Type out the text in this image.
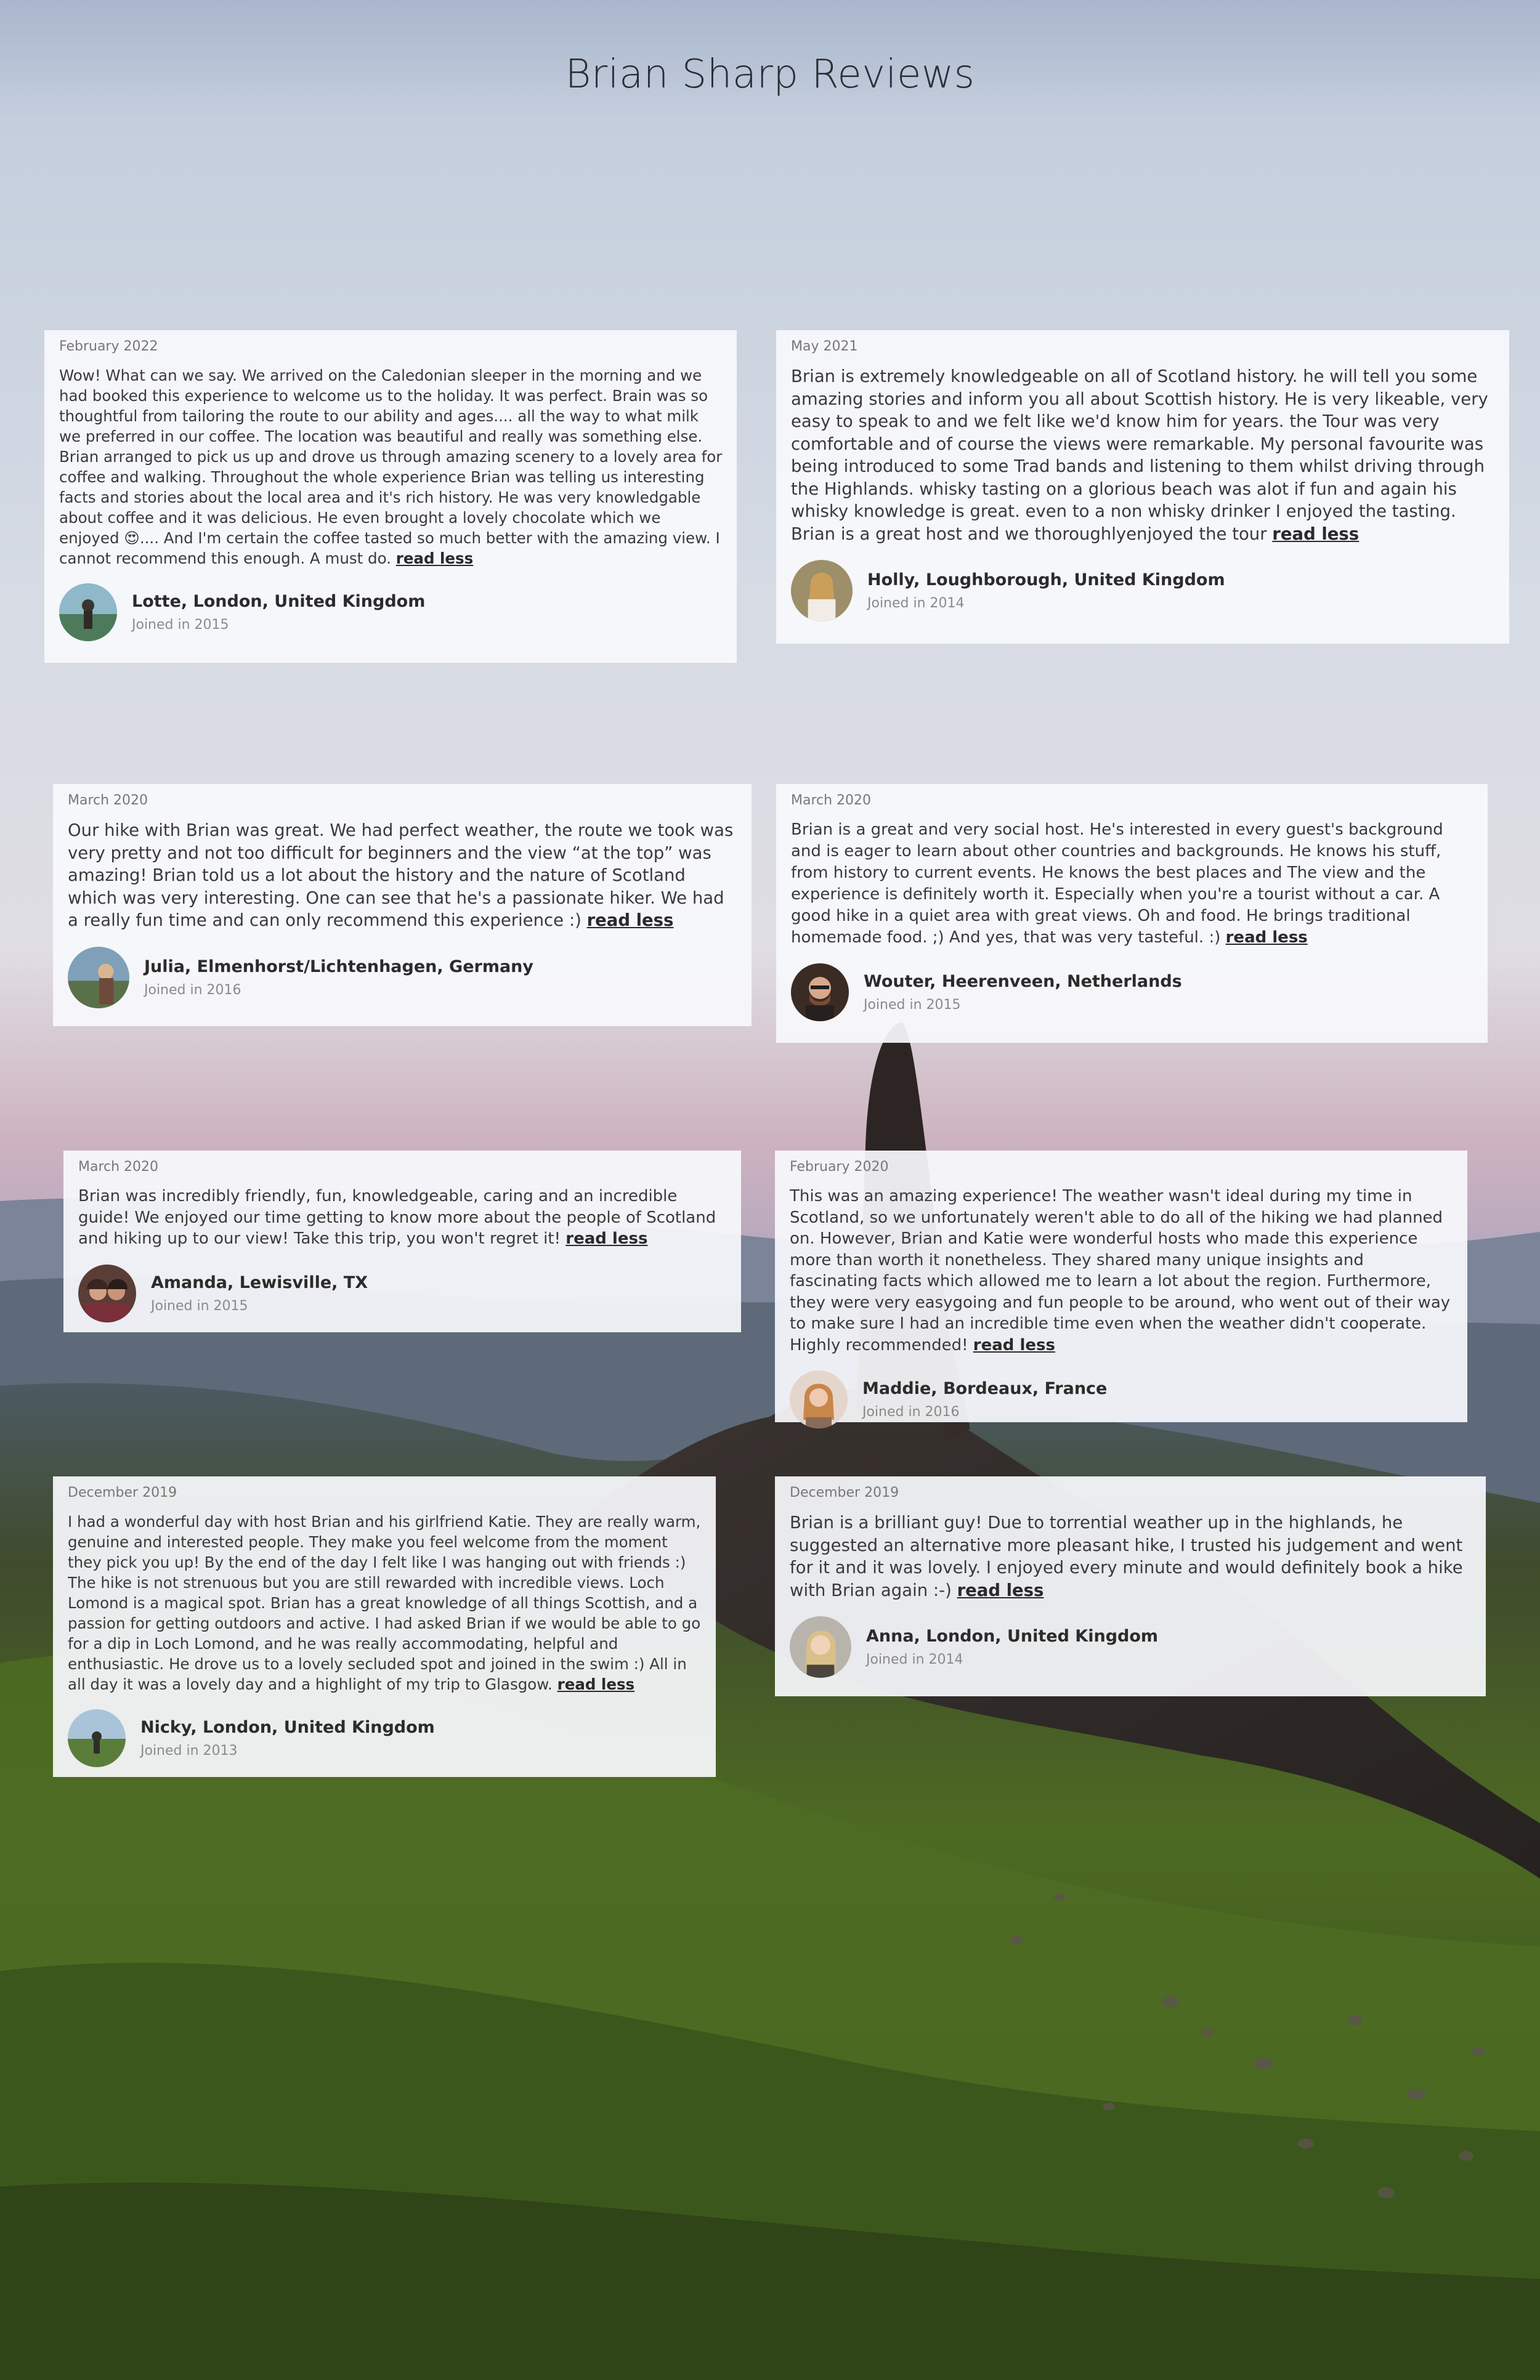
Brian Sharp Reviews
February 2022

Wow! What can we say. We arrived on the Caledonian sleeper in the morning and we had booked this experience to welcome us to the holiday. It was perfect. Brain was so thoughtful from tailoring the route to our ability and ages.... all the way to what milk we preferred in our coffee. The location was beautiful and really was something else. Brian arranged to pick us up and drove us through amazing scenery to a lovely area for coffee and walking. Throughout the whole experience Brian was telling us interesting facts and stories about the local area and it's rich history. He was very knowledgable about coffee and it was delicious. He even brought a lovely chocolate which we enjoyed 😍.... And I'm certain the coffee tasted so much better with the amazing view. I cannot recommend this enough. A must do. read less

Lotte, London, United Kingdom
Joined in 2015
May 2021

Brian is extremely knowledgeable on all of Scotland history. he will tell you some amazing stories and inform you all about Scottish history. He is very likeable, very easy to speak to and we felt like we'd know him for years. the Tour was very comfortable and of course the views were remarkable. My personal favourite was being introduced to some Trad bands and listening to them whilst driving through the Highlands. whisky tasting on a glorious beach was alot if fun and again his whisky knowledge is great. even to a non whisky drinker I enjoyed the tasting. Brian is a great host and we thoroughlyenjoyed the tour read less

Holly, Loughborough, United Kingdom
Joined in 2014
March 2020

Our hike with Brian was great. We had perfect weather, the route we took was very pretty and not too difficult for beginners and the view “at the top” was amazing! Brian told us a lot about the history and the nature of Scotland which was very interesting. One can see that he's a passionate hiker. We had a really fun time and can only recommend this experience :) read less

Julia, Elmenhorst/Lichtenhagen, Germany
Joined in 2016
March 2020

Brian is a great and very social host. He's interested in every guest's background and is eager to learn about other countries and backgrounds. He knows his stuff, from history to current events. He knows the best places and The view and the experience is definitely worth it. Especially when you're a tourist without a car. A good hike in a quiet area with great views. Oh and food. He brings traditional homemade food. ;) And yes, that was very tasteful. :) read less

Wouter, Heerenveen, Netherlands
Joined in 2015
March 2020

Brian was incredibly friendly, fun, knowledgeable, caring and an incredible guide! We enjoyed our time getting to know more about the people of Scotland and hiking up to our view! Take this trip, you won't regret it! read less

Amanda, Lewisville, TX
Joined in 2015
February 2020

This was an amazing experience! The weather wasn't ideal during my time in Scotland, so we unfortunately weren't able to do all of the hiking we had planned on. However, Brian and Katie were wonderful hosts who made this experience more than worth it nonetheless. They shared many unique insights and fascinating facts which allowed me to learn a lot about the region. Furthermore, they were very easygoing and fun people to be around, who went out of their way to make sure I had an incredible time even when the weather didn't cooperate. Highly recommended! read less

Maddie, Bordeaux, France
Joined in 2016
December 2019

I had a wonderful day with host Brian and his girlfriend Katie. They are really warm, genuine and interested people. They make you feel welcome from the moment they pick you up! By the end of the day I felt like I was hanging out with friends :) The hike is not strenuous but you are still rewarded with incredible views. Loch Lomond is a magical spot. Brian has a great knowledge of all things Scottish, and a passion for getting outdoors and active. I had asked Brian if we would be able to go for a dip in Loch Lomond, and he was really accommodating, helpful and enthusiastic. He drove us to a lovely secluded spot and joined in the swim :) All in all day it was a lovely day and a highlight of my trip to Glasgow. read less

Nicky, London, United Kingdom
Joined in 2013
December 2019

Brian is a brilliant guy! Due to torrential weather up in the highlands, he suggested an alternative more pleasant hike, I trusted his judgement and went for it and it was lovely. I enjoyed every minute and would definitely book a hike with Brian again :-) read less

Anna, London, United Kingdom
Joined in 2014
